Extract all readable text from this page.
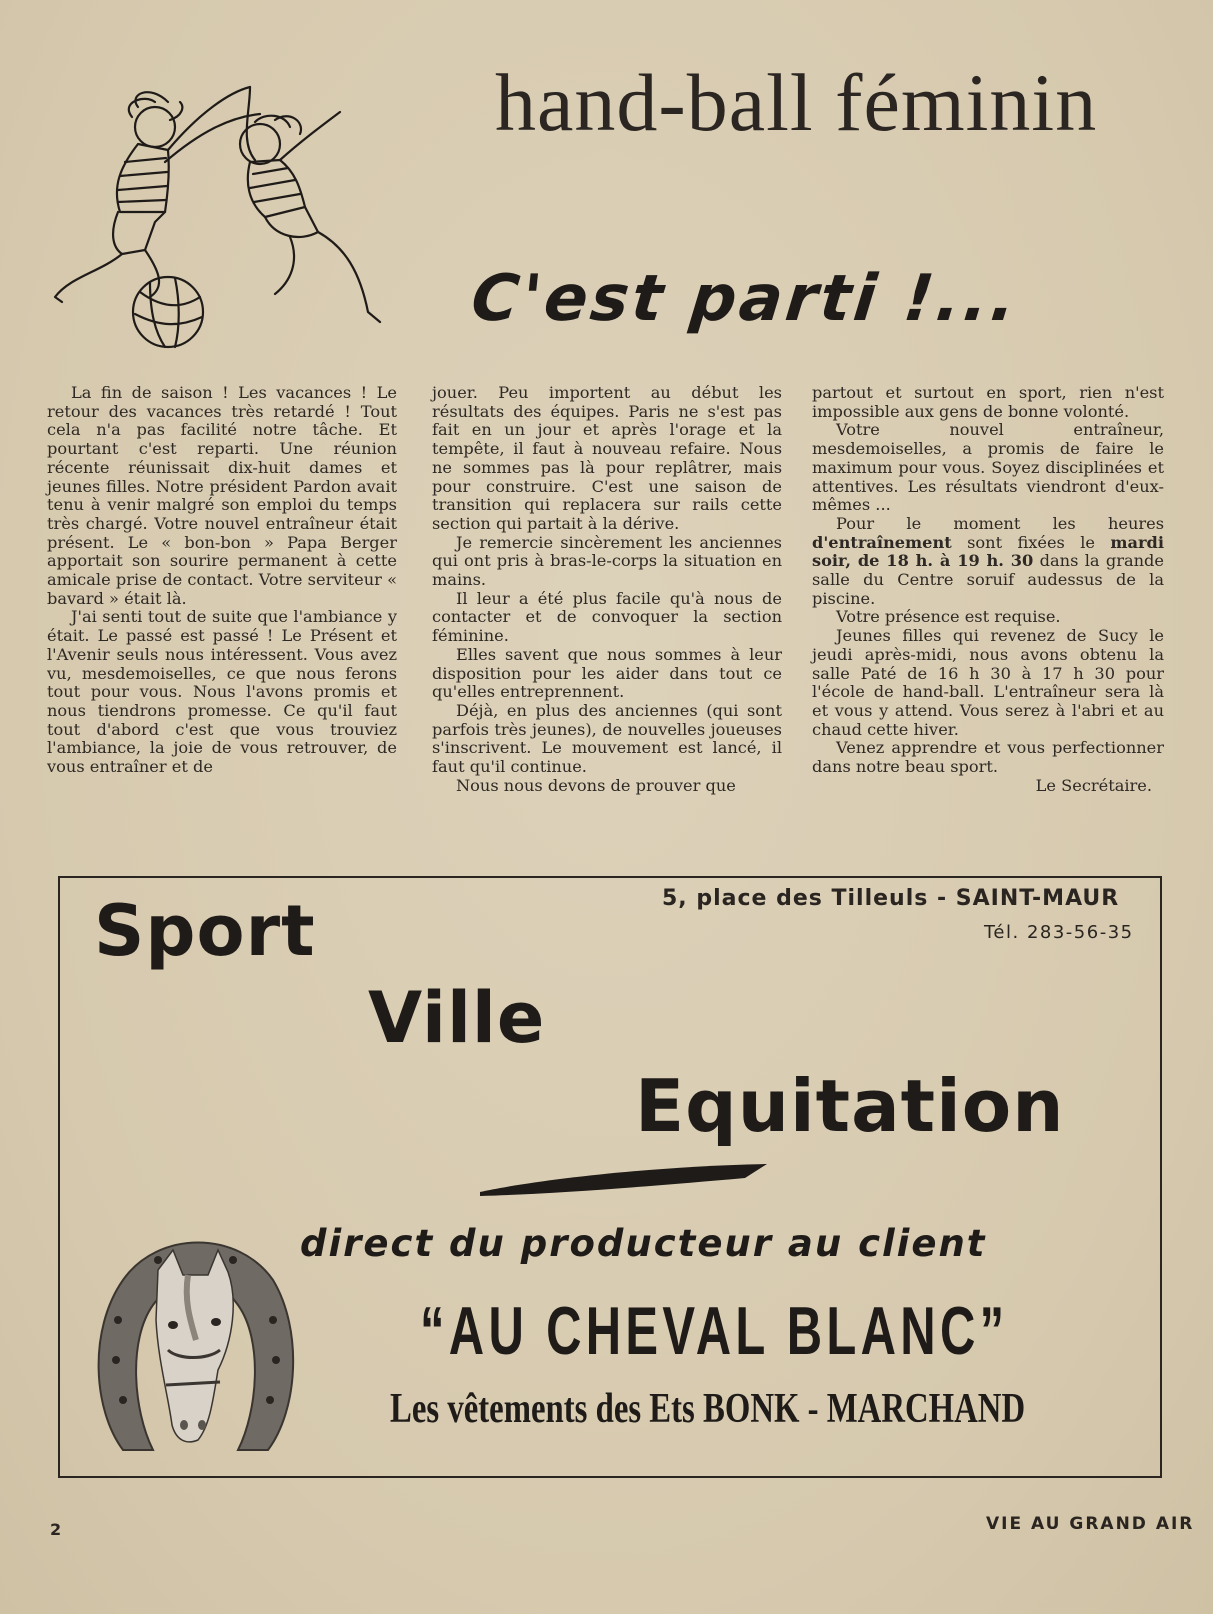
hand-ball féminin
C'est parti !...

La fin de saison ! Les vacances ! Le retour des vacances très retardé ! Tout cela n'a pas facilité notre tâche. Et pourtant c'est reparti. Une réunion récente réunissait dix-huit dames et jeunes filles. Notre président Pardon avait tenu à venir malgré son emploi du temps très chargé. Votre nouvel entraîneur était présent. Le « bon-bon » Papa Berger apportait son sourire permanent à cette amicale prise de contact. Votre serviteur « bavard » était là.

J'ai senti tout de suite que l'ambiance y était. Le passé est passé ! Le Présent et l'Avenir seuls nous intéressent. Vous avez vu, mesdemoiselles, ce que nous ferons tout pour vous. Nous l'avons promis et nous tiendrons promesse. Ce qu'il faut tout d'abord c'est que vous trouviez l'ambiance, la joie de vous retrouver, de vous entraîner et de

jouer. Peu importent au début les résultats des équipes. Paris ne s'est pas fait en un jour et après l'orage et la tempête, il faut à nouveau refaire. Nous ne sommes pas là pour replâtrer, mais pour construire. C'est une saison de transition qui replacera sur rails cette section qui partait à la dérive.

Je remercie sincèrement les anciennes qui ont pris à bras-le-corps la situation en mains.

Il leur a été plus facile qu'à nous de contacter et de convoquer la section féminine.

Elles savent que nous sommes à leur disposition pour les aider dans tout ce qu'elles entreprennent.

Déjà, en plus des anciennes (qui sont parfois très jeunes), de nouvelles joueuses s'inscrivent. Le mouvement est lancé, il faut qu'il continue.

Nous nous devons de prouver que

partout et surtout en sport, rien n'est impossible aux gens de bonne volonté.

Votre nouvel entraîneur, mesdemoiselles, a promis de faire le maximum pour vous. Soyez disciplinées et attentives. Les résultats viendront d'eux-mêmes ...

Pour le moment les heures d'entraînement sont fixées le mardi soir, de 18 h. à 19 h. 30 dans la grande salle du Centre soruif audessus de la piscine.

Votre présence est requise.

Jeunes filles qui revenez de Sucy le jeudi après-midi, nous avons obtenu la salle Paté de 16 h 30 à 17 h 30 pour l'école de hand-ball. L'entraîneur sera là et vous y attend. Vous serez à l'abri et au chaud cette hiver.

Venez apprendre et vous perfectionner dans notre beau sport.

Le Secrétaire.

5, place des Tilleuls - SAINT-MAUR
Tél. 283-56-35
Sport
Ville
Equitation
direct du producteur au client
“AU CHEVAL BLANC”
Les vêtements des Ets BONK - MARCHAND
2	VIE AU GRAND AIR
